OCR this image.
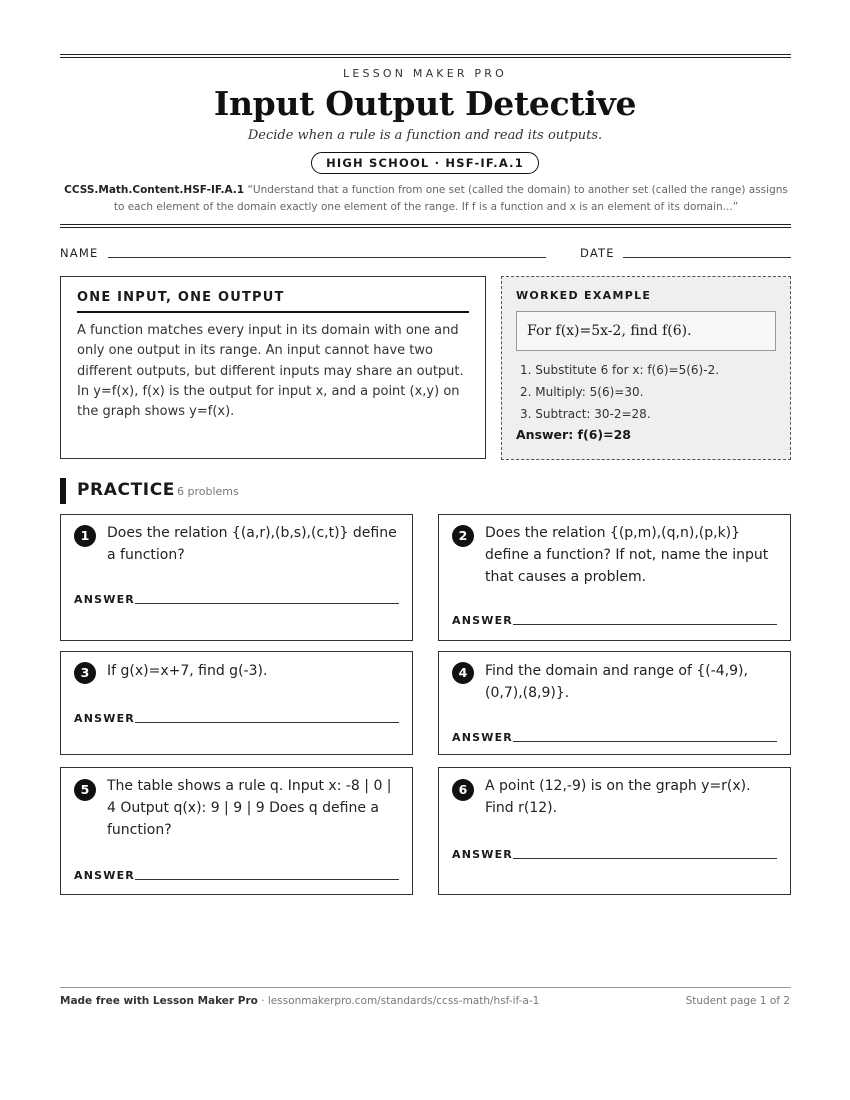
LESSON MAKER PRO
Input Output Detective
Decide when a rule is a function and read its outputs.
HIGH SCHOOL · HSF-IF.A.1
CCSS.Math.Content.HSF-IF.A.1 “Understand that a function from one set (called the domain) to another set (called the range) assigns to each element of the domain exactly one element of the range. If f is a function and x is an element of its domain...”
NAME	DATE
ONE INPUT, ONE OUTPUT

A function matches every input in its domain with one and only one output in its range. An input cannot have two different outputs, but different inputs may share an output. In y=f(x), f(x) is the output for input x, and a point (x,y) on the graph shows y=f(x).

WORKED EXAMPLE
For f(x)=5x-2, find f(6).
1. Substitute 6 for x: f(6)=5(6)-2.
2. Multiply: 5(6)=30.
3. Subtract: 30-2=28.
Answer: f(6)=28
PRACTICE 6 problems
1	Does the relation {(a,r),(b,s),(c,t)} define a function?
ANSWER
2	Does the relation {(p,m),(q,n),(p,k)} define a function? If not, name the input that causes a problem.
ANSWER
3	If g(x)=x+7, find g(-3).
ANSWER
4	Find the domain and range of {(-4,9),(0,7),(8,9)}.
ANSWER
5	The table shows a rule q. Input x: -8 | 0 | 4 Output q(x): 9 | 9 | 9 Does q define a function?
ANSWER
6	A point (12,-9) is on the graph y=r(x). Find r(12).
ANSWER
Made free with Lesson Maker Pro · lessonmakerpro.com/standards/ccss-math/hsf-if-a-1	Student page 1 of 2
